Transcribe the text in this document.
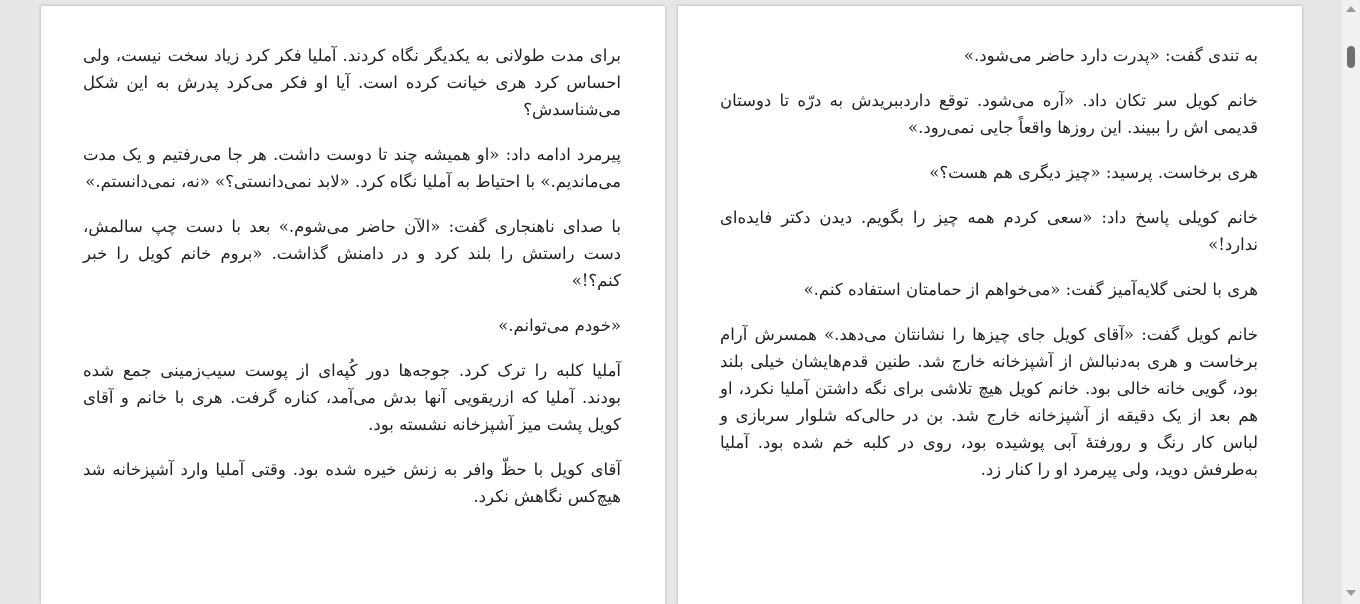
برای مدت طولانی به یکدیگر نگاه کردند. آملیا فکر کرد زیاد سخت نیست، ولی احساس کرد هری خیانت کرده است. آیا او فکر می‌کرد پدرش به این شکل می‌شناسدش؟

پیرمرد ادامه داد: «او همیشه چند تا دوست داشت. هر جا می‌رفتیم و یک مدت می‌ماندیم.» با احتیاط به آملیا نگاه کرد. «لابد نمی‌دانستی؟» «نه، نمی‌دانستم.»

با صدای ناهنجاری گفت: «الآن حاضر می‌شوم.» بعد با دست چپ سالمش، دست راستش را بلند کرد و در دامنش گذاشت. «بروم خانم کویل را خبر کنم؟!»

«خودم می‌توانم.»

آملیا کلبه را ترک کرد. جوجه‌ها دور کُپه‌ای از پوست سیب‌زمینی جمع شده بودند. آملیا که ازریقویی آنها بدش می‌آمد، کناره گرفت. هری با خانم و آقای کویل پشت میز آشپزخانه نشسته بود.

آقای کویل با حظّ وافر به زنش خیره شده بود. وقتی آملیا وارد آشپزخانه شد هیچ‌کس نگاهش نکرد.

به تندی گفت: «پدرت دارد حاضر می‌شود.»

خانم کویل سر تکان داد. «آره می‌شود. توقع داردببریدش به درّه تا دوستان قدیمی اش را ببیند. این روزها واقعاً جایی نمی‌رود.»

هری برخاست. پرسید: «چیز دیگری هم هست؟»

خانم کویلی پاسخ داد: «سعی کردم همه چیز را بگویم. دیدن دکتر فایده‌ای ندارد!»

هری با لحنی گلایه‌آمیز گفت: «می‌خواهم از حمامتان استفاده کنم.»

خانم کویل گفت: «آقای کویل جای چیزها را نشانتان می‌دهد.» همسرش آرام برخاست و هری به‌دنبالش از آشپزخانه خارج شد. طنین قدم‌هایشان خیلی بلند بود، گویی خانه خالی بود. خانم کویل هیچ تلاشی برای نگه داشتن آملیا نکرد، او هم بعد از یک دقیقه از آشپزخانه خارج شد. بن در حالی‌که شلوار سربازی و لباس کار رنگ و رورفتهٔ آبی پوشیده بود، روی در کلبه خم شده بود. آملیا به‌طرفش دوید، ولی پیرمرد او را کنار زد.
